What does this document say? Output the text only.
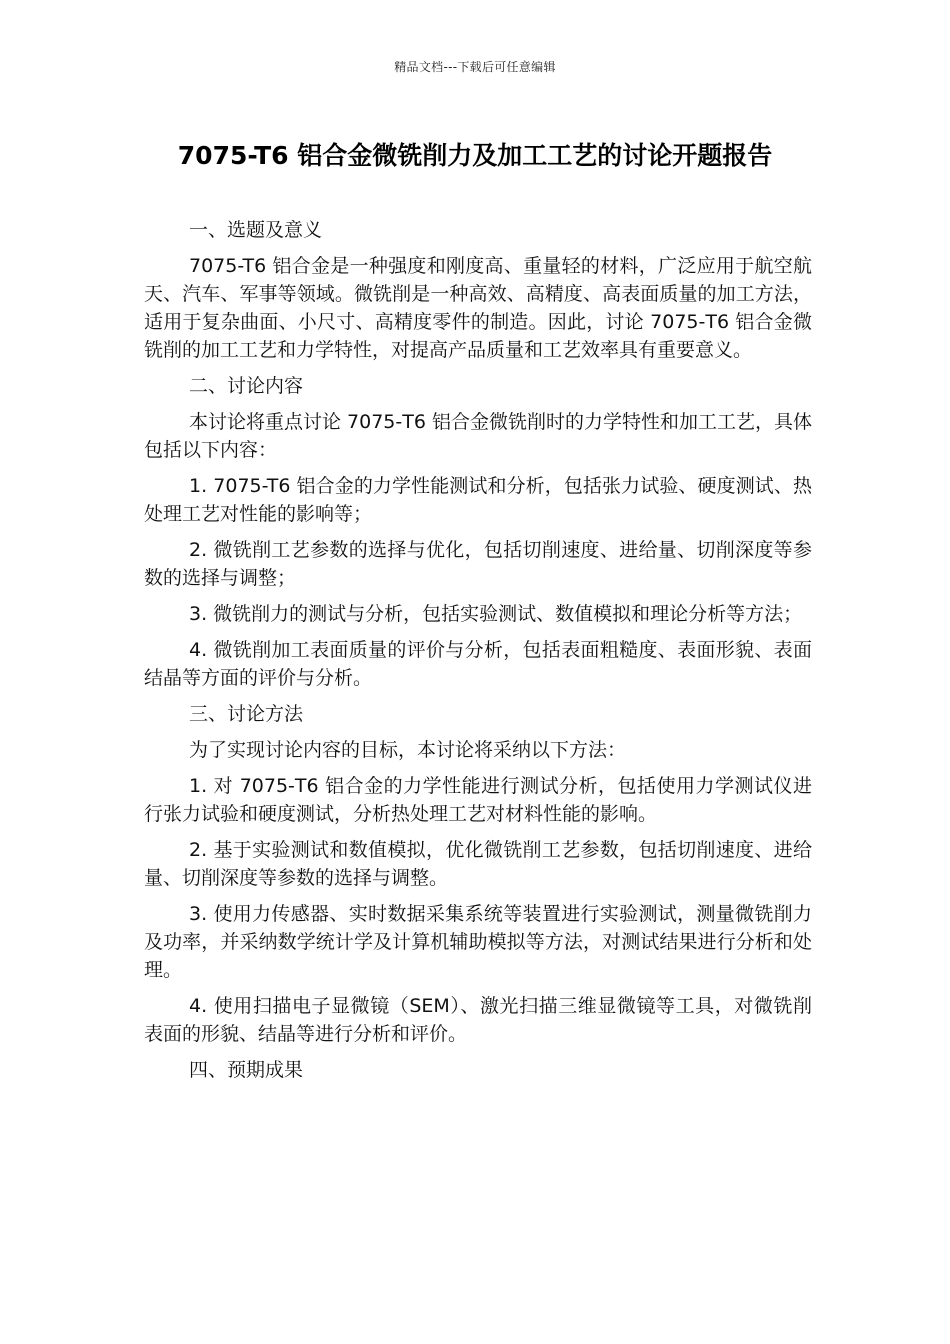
精品文档---下载后可任意编辑
7075-T6 铝合金微铣削力及加工工艺的讨论开题报告

一、选题及意义

7075-T6 铝合金是一种强度和刚度高、重量轻的材料，广泛应用于航空航天、汽车、军事等领域。微铣削是一种高效、高精度、高表面质量的加工方法，适用于复杂曲面、小尺寸、高精度零件的制造。因此，讨论 7075-T6 铝合金微铣削的加工工艺和力学特性，对提高产品质量和工艺效率具有重要意义。

二、讨论内容

本讨论将重点讨论 7075-T6 铝合金微铣削时的力学特性和加工工艺，具体包括以下内容：

1. 7075-T6 铝合金的力学性能测试和分析，包括张力试验、硬度测试、热处理工艺对性能的影响等；

2. 微铣削工艺参数的选择与优化，包括切削速度、进给量、切削深度等参数的选择与调整；

3. 微铣削力的测试与分析，包括实验测试、数值模拟和理论分析等方法；

4. 微铣削加工表面质量的评价与分析，包括表面粗糙度、表面形貌、表面结晶等方面的评价与分析。

三、讨论方法

为了实现讨论内容的目标，本讨论将采纳以下方法：

1. 对 7075-T6 铝合金的力学性能进行测试分析，包括使用力学测试仪进行张力试验和硬度测试，分析热处理工艺对材料性能的影响。

2. 基于实验测试和数值模拟，优化微铣削工艺参数，包括切削速度、进给量、切削深度等参数的选择与调整。

3. 使用力传感器、实时数据采集系统等装置进行实验测试，测量微铣削力及功率，并采纳数学统计学及计算机辅助模拟等方法，对测试结果进行分析和处理。

4. 使用扫描电子显微镜（SEM）、激光扫描三维显微镜等工具，对微铣削表面的形貌、结晶等进行分析和评价。

四、预期成果
